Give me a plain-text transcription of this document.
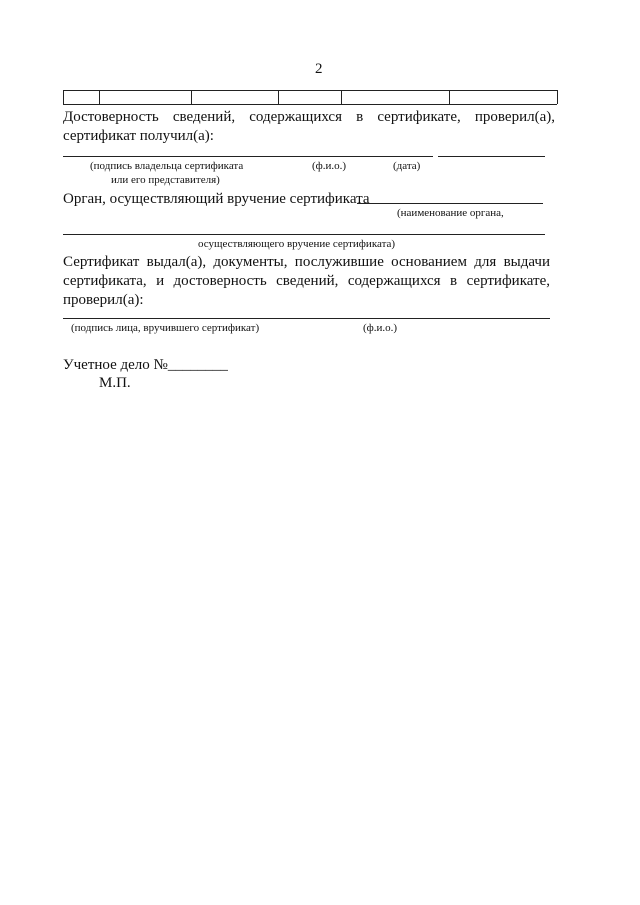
2
Достоверность сведений, содержащихся в сертификате, проверил(а),
сертификат получил(а):
(подпись владельца сертификата
или его представителя)
(ф.и.о.)	(дата)
Орган, осуществляющий вручение сертификата
(наименование органа,
осуществляющего вручение сертификата)
Сертификат выдал(а), документы, послужившие основанием для выдачи
сертификата, и достоверность сведений, содержащихся в сертификате,
проверил(а):
(подпись лица, вручившего сертификат)	(ф.и.о.)
Учетное дело №________
М.П.
